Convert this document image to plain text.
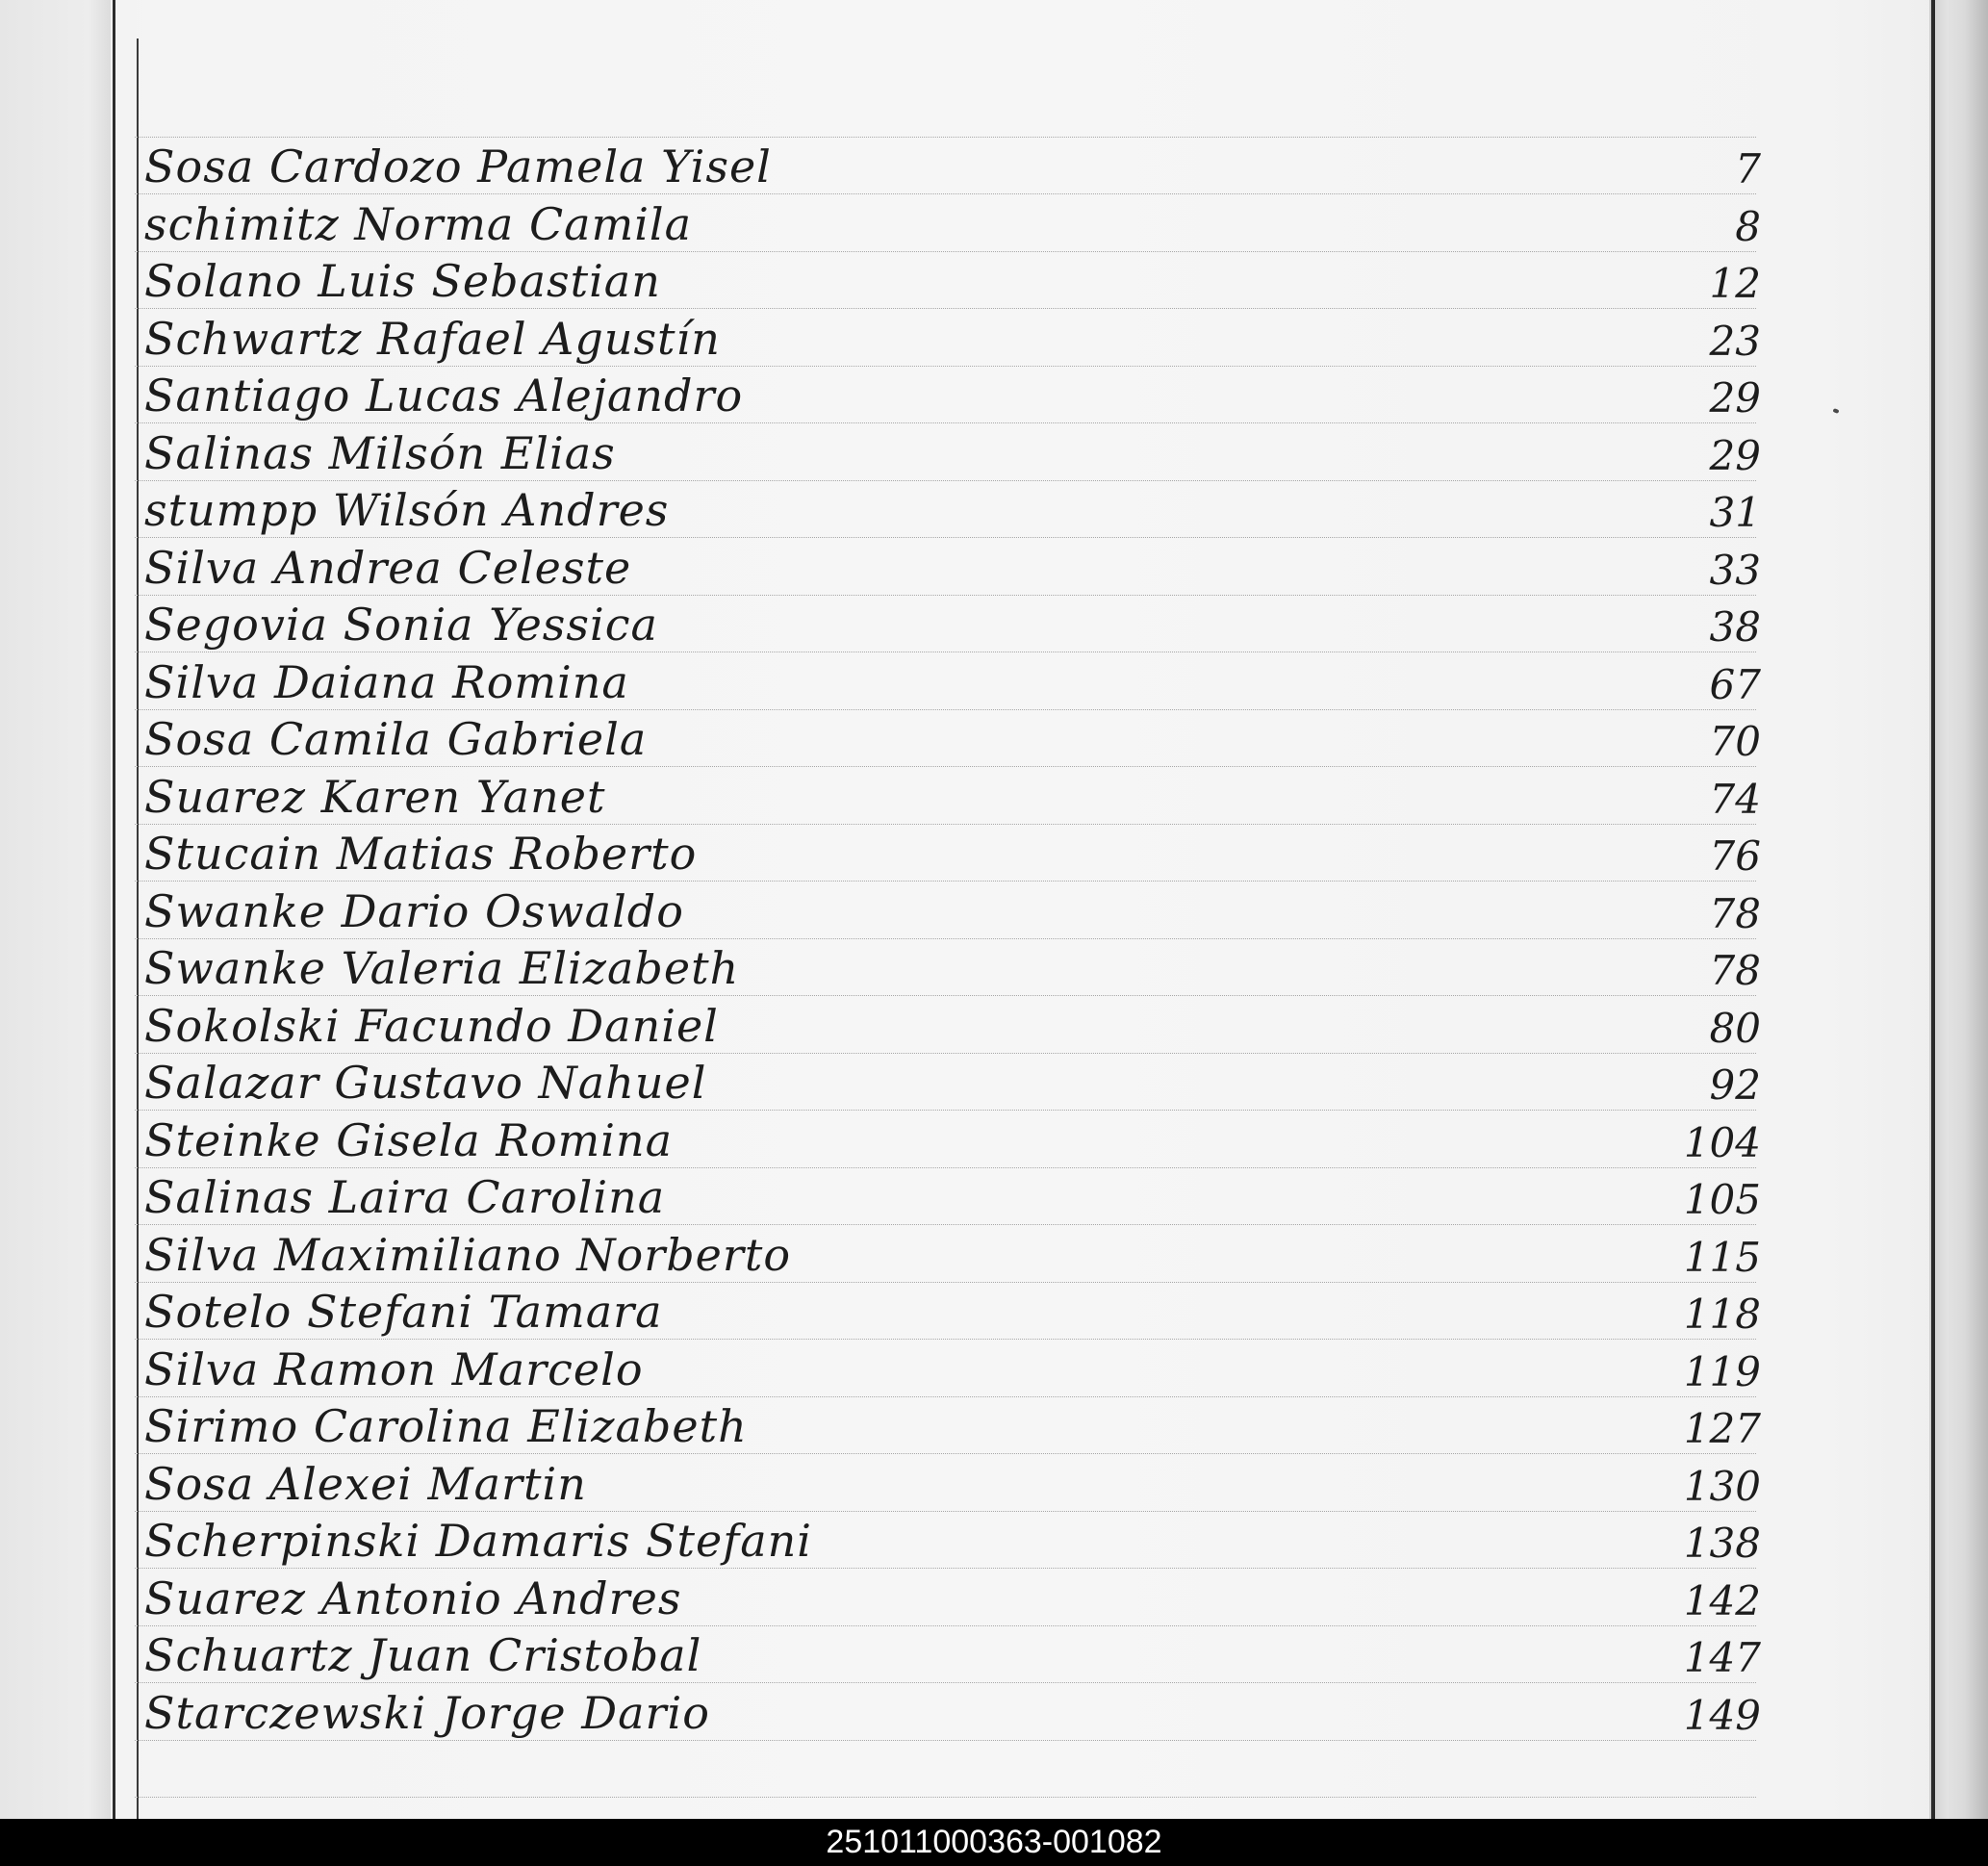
Sosa Cardozo Pamela Yisel	7
schimitz Norma Camila	8
Solano Luis Sebastian	12
Schwartz Rafael Agustín	23
Santiago Lucas Alejandro	29
Salinas Milsón Elias	29
stumpp Wilsón Andres	31
Silva Andrea Celeste	33
Segovia Sonia Yessica	38
Silva Daiana Romina	67
Sosa Camila Gabriela	70
Suarez Karen Yanet	74
Stucain Matias Roberto	76
Swanke Dario Oswaldo	78
Swanke Valeria Elizabeth	78
Sokolski Facundo Daniel	80
Salazar Gustavo Nahuel	92
Steinke Gisela Romina	104
Salinas Laira Carolina	105
Silva Maximiliano Norberto	115
Sotelo Stefani Tamara	118
Silva Ramon Marcelo	119
Sirimo Carolina Elizabeth	127
Sosa Alexei Martin	130
Scherpinski Damaris Stefani	138
Suarez Antonio Andres	142
Schuartz Juan Cristobal	147
Starczewski Jorge Dario	149
251011000363-001082
